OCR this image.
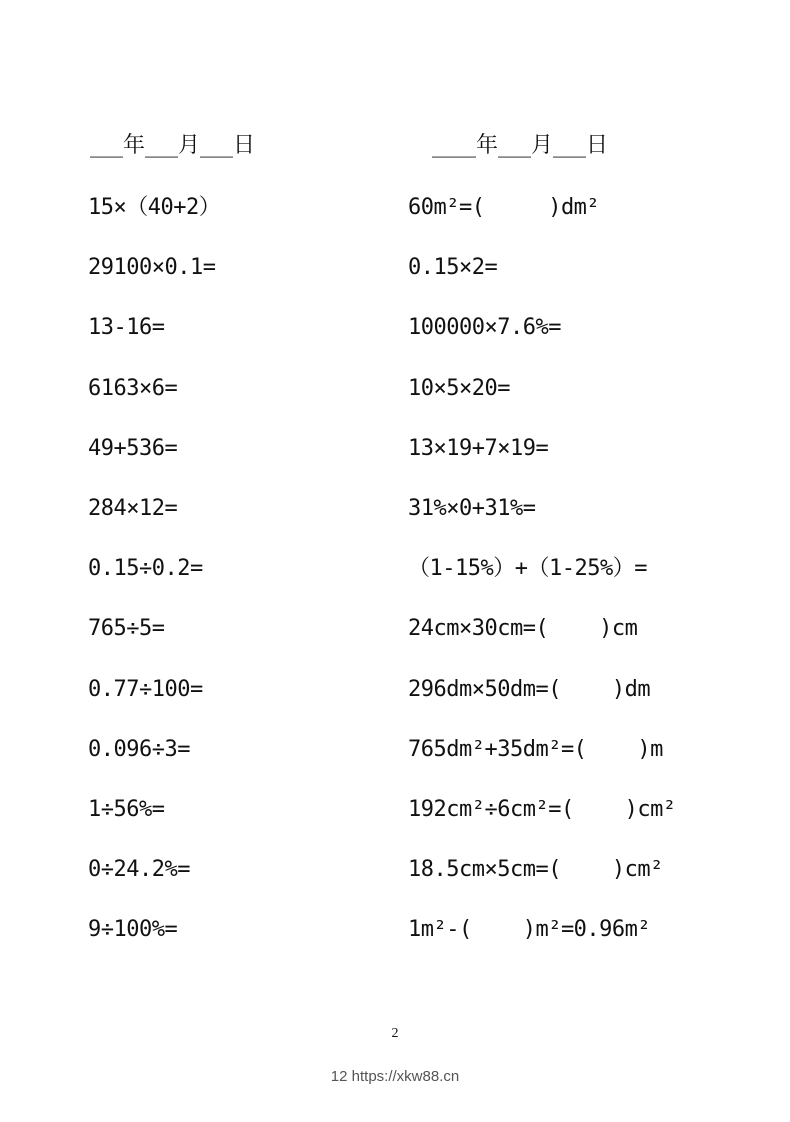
___年___月___日	____年___月___日
15×（40+2）
29100×0.1=
13-16=
6163×6=
49+536=
284×12=
0.15÷0.2=
765÷5=
0.77÷100=
0.096÷3=
1÷56%=
0÷24.2%=
9÷100%=
60m²=(     )dm²
0.15×2=
100000×7.6%=
10×5×20=
13×19+7×19=
31%×0+31%=
（1-15%）+（1-25%）=
24cm×30cm=(    )cm
296dm×50dm=(    )dm
765dm²+35dm²=(    )m
192cm²÷6cm²=(    )cm²
18.5cm×5cm=(    )cm²
1m²-(    )m²=0.96m²
2
12 https://xkw88.cn
